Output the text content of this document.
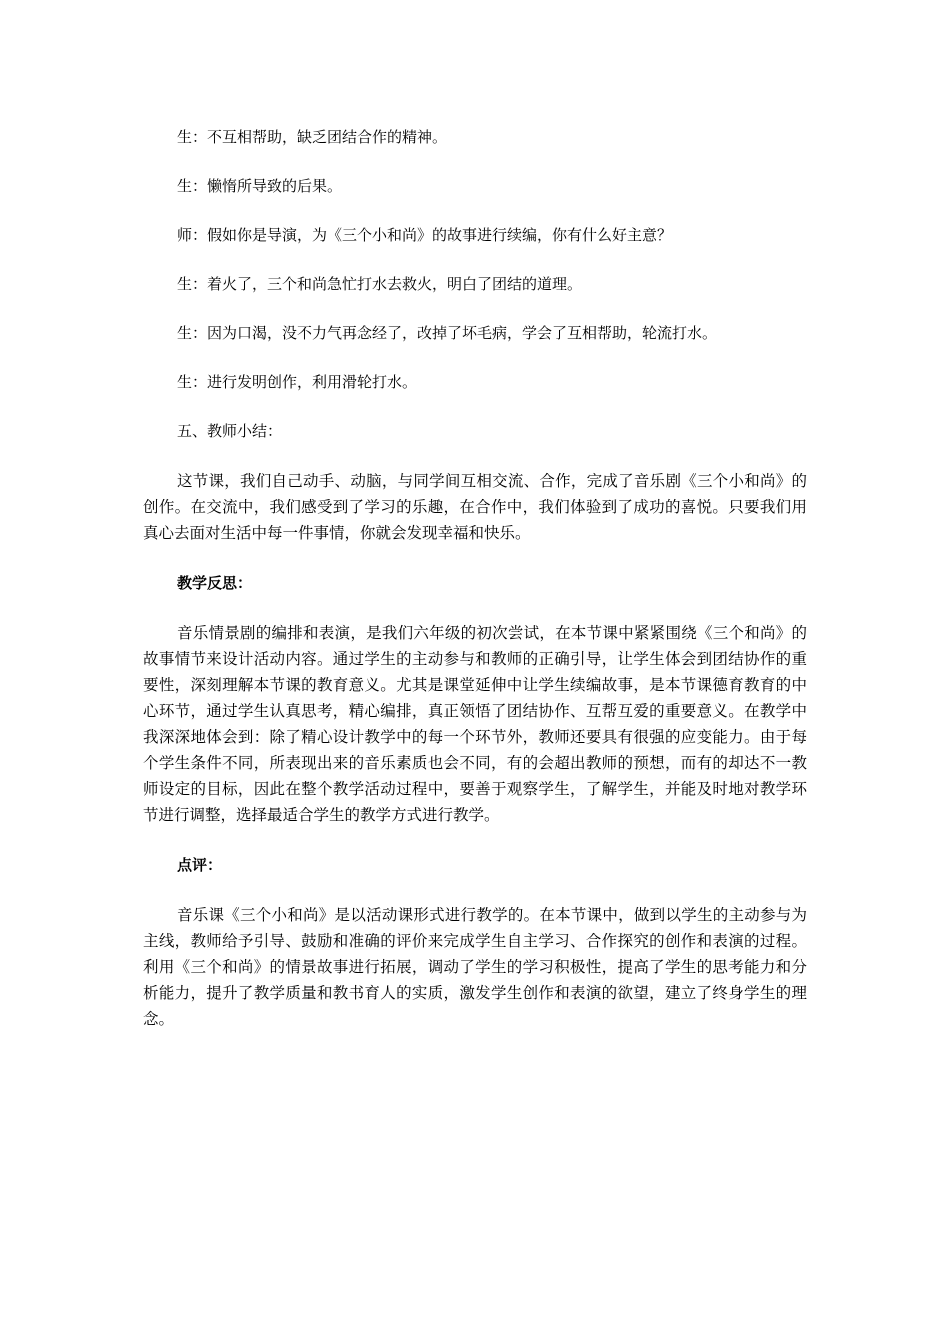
生：不互相帮助，缺乏团结合作的精神。

生：懒惰所导致的后果。

师：假如你是导演，为《三个小和尚》的故事进行续编，你有什么好主意？

生：着火了，三个和尚急忙打水去救火，明白了团结的道理。

生：因为口渴，没不力气再念经了，改掉了坏毛病，学会了互相帮助，轮流打水。

生：进行发明创作，利用滑轮打水。

五、教师小结：

这节课，我们自己动手、动脑，与同学间互相交流、合作，完成了音乐剧《三个小和尚》的创作。在交流中，我们感受到了学习的乐趣，在合作中，我们体验到了成功的喜悦。只要我们用真心去面对生活中每一件事情，你就会发现幸福和快乐。

教学反思：

音乐情景剧的编排和表演，是我们六年级的初次尝试，在本节课中紧紧围绕《三个和尚》的故事情节来设计活动内容。通过学生的主动参与和教师的正确引导，让学生体会到团结协作的重要性，深刻理解本节课的教育意义。尤其是课堂延伸中让学生续编故事，是本节课德育教育的中心环节，通过学生认真思考，精心编排，真正领悟了团结协作、互帮互爱的重要意义。在教学中我深深地体会到：除了精心设计教学中的每一个环节外，教师还要具有很强的应变能力。由于每个学生条件不同，所表现出来的音乐素质也会不同，有的会超出教师的预想，而有的却达不一教师设定的目标，因此在整个教学活动过程中，要善于观察学生，了解学生，并能及时地对教学环节进行调整，选择最适合学生的教学方式进行教学。

点评：

音乐课《三个小和尚》是以活动课形式进行教学的。在本节课中，做到以学生的主动参与为主线，教师给予引导、鼓励和准确的评价来完成学生自主学习、合作探究的创作和表演的过程。利用《三个和尚》的情景故事进行拓展，调动了学生的学习积极性，提高了学生的思考能力和分析能力，提升了教学质量和教书育人的实质，激发学生创作和表演的欲望，建立了终身学生的理念。
